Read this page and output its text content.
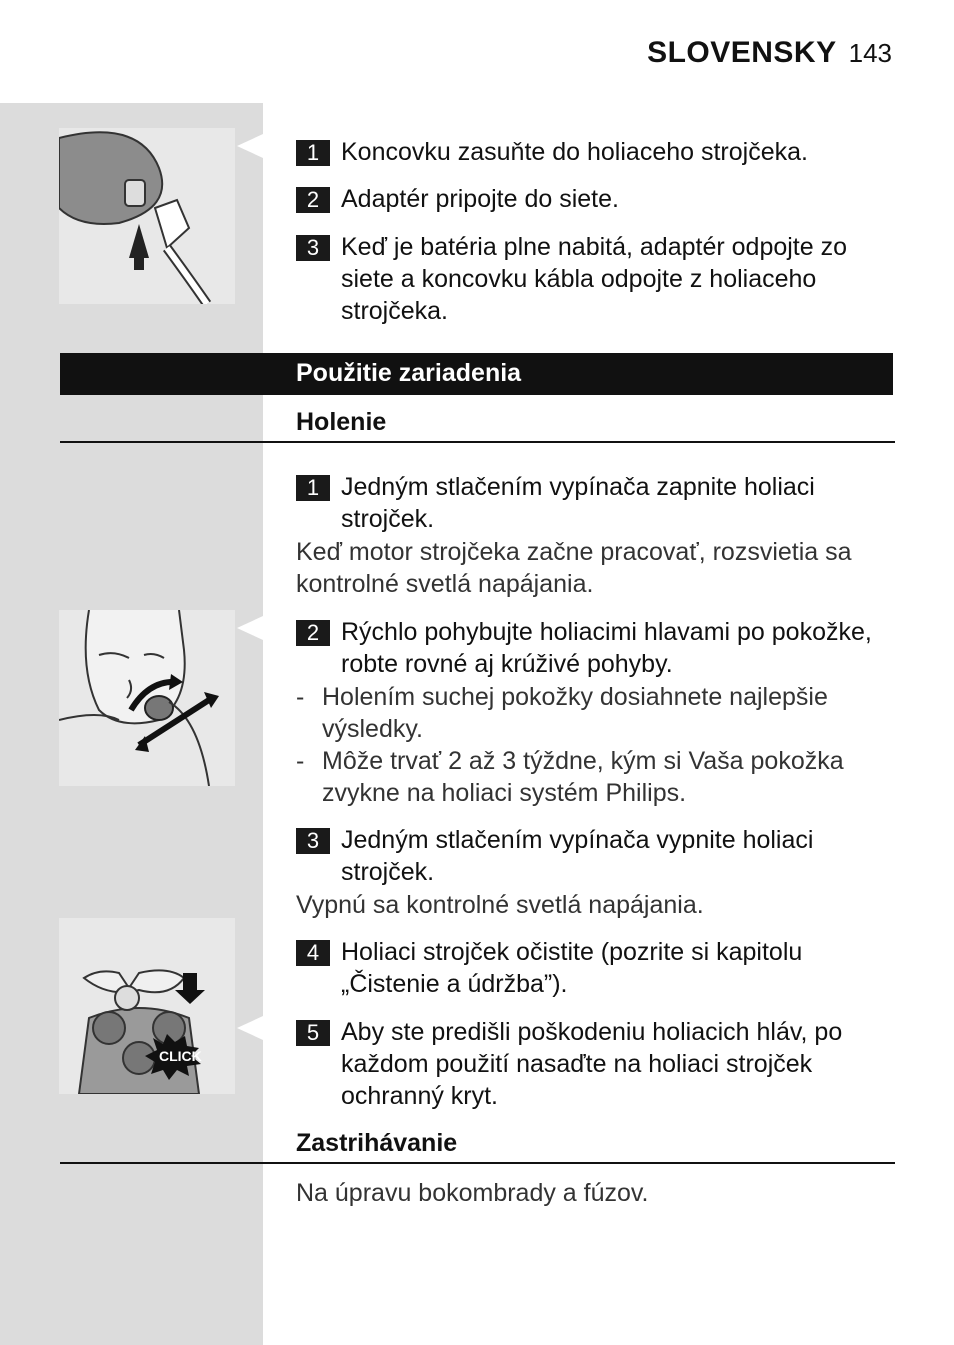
SLOVENSKY 143
1 Koncovku zasuňte do holiaceho strojčeka.
2 Adaptér pripojte do siete.
3 Keď je batéria plne nabitá, adaptér odpojte zo siete a koncovku kábla odpojte z holiaceho strojčeka.
Použitie zariadenia
Holenie
1 Jedným stlačením vypínača zapnite holiaci strojček.
Keď motor strojčeka začne pracovať, rozsvietia sa kontrolné svetlá napájania.
2 Rýchlo pohybujte holiacimi hlavami po pokožke, robte rovné aj krúživé pohyby.
- Holením suchej pokožky dosiahnete najlepšie výsledky.
- Môže trvať 2 až 3 týždne, kým si Vaša pokožka zvykne na holiaci systém Philips.
3 Jedným stlačením vypínača vypnite holiaci strojček.
Vypnú sa kontrolné svetlá napájania.
CLICK
4 Holiaci strojček očistite (pozrite si kapitolu „Čistenie a údržba”).
5 Aby ste predišli poškodeniu holiacich hláv, po každom použití nasaďte na holiaci strojček ochranný kryt.
Zastrihávanie
Na úpravu bokombrady a fúzov.
